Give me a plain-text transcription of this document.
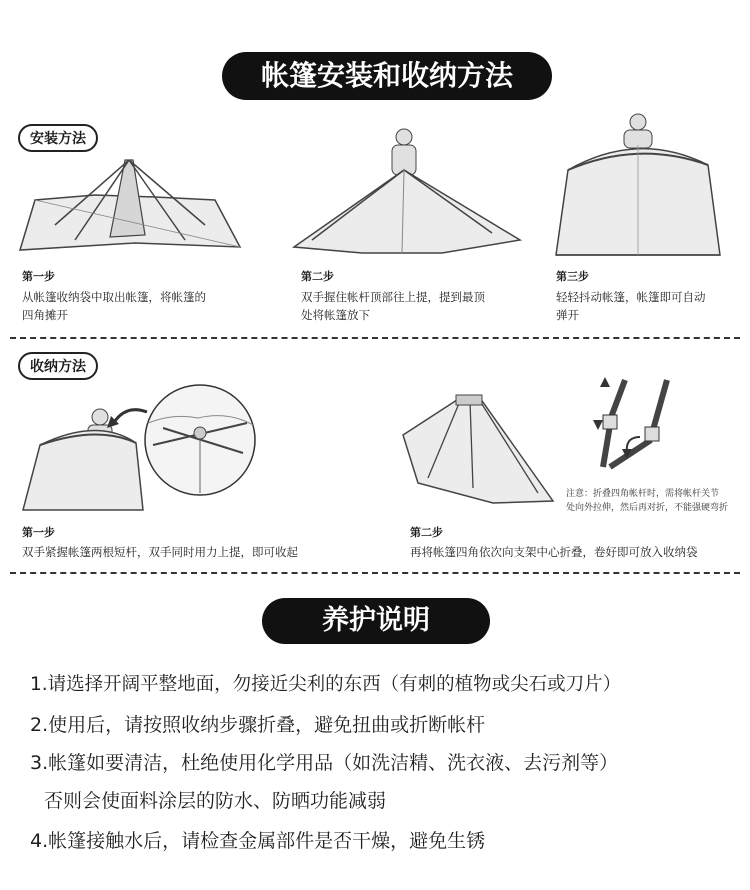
帐篷安装和收纳方法
安装方法
第一步
从帐篷收纳袋中取出帐篷，将帐篷的
四角摊开
第二步
双手握住帐杆顶部往上提，提到最顶
处将帐篷放下
第三步
轻轻抖动帐篷，帐篷即可自动
弹开
收纳方法
注意：折叠四角帐杆时，需将帐杆关节
处向外拉伸，然后再对折，不能强硬弯折
第一步
双手紧握帐篷两根短杆，双手同时用力上提，即可收起
第二步
再将帐篷四角依次向支架中心折叠，卷好即可放入收纳袋
养护说明
1.请选择开阔平整地面，勿接近尖利的东西（有刺的植物或尖石或刀片）
2.使用后，请按照收纳步骤折叠，避免扭曲或折断帐杆
3.帐篷如要清洁，杜绝使用化学用品（如洗洁精、洗衣液、去污剂等）
否则会使面料涂层的防水、防晒功能减弱
4.帐篷接触水后，请检查金属部件是否干燥，避免生锈
